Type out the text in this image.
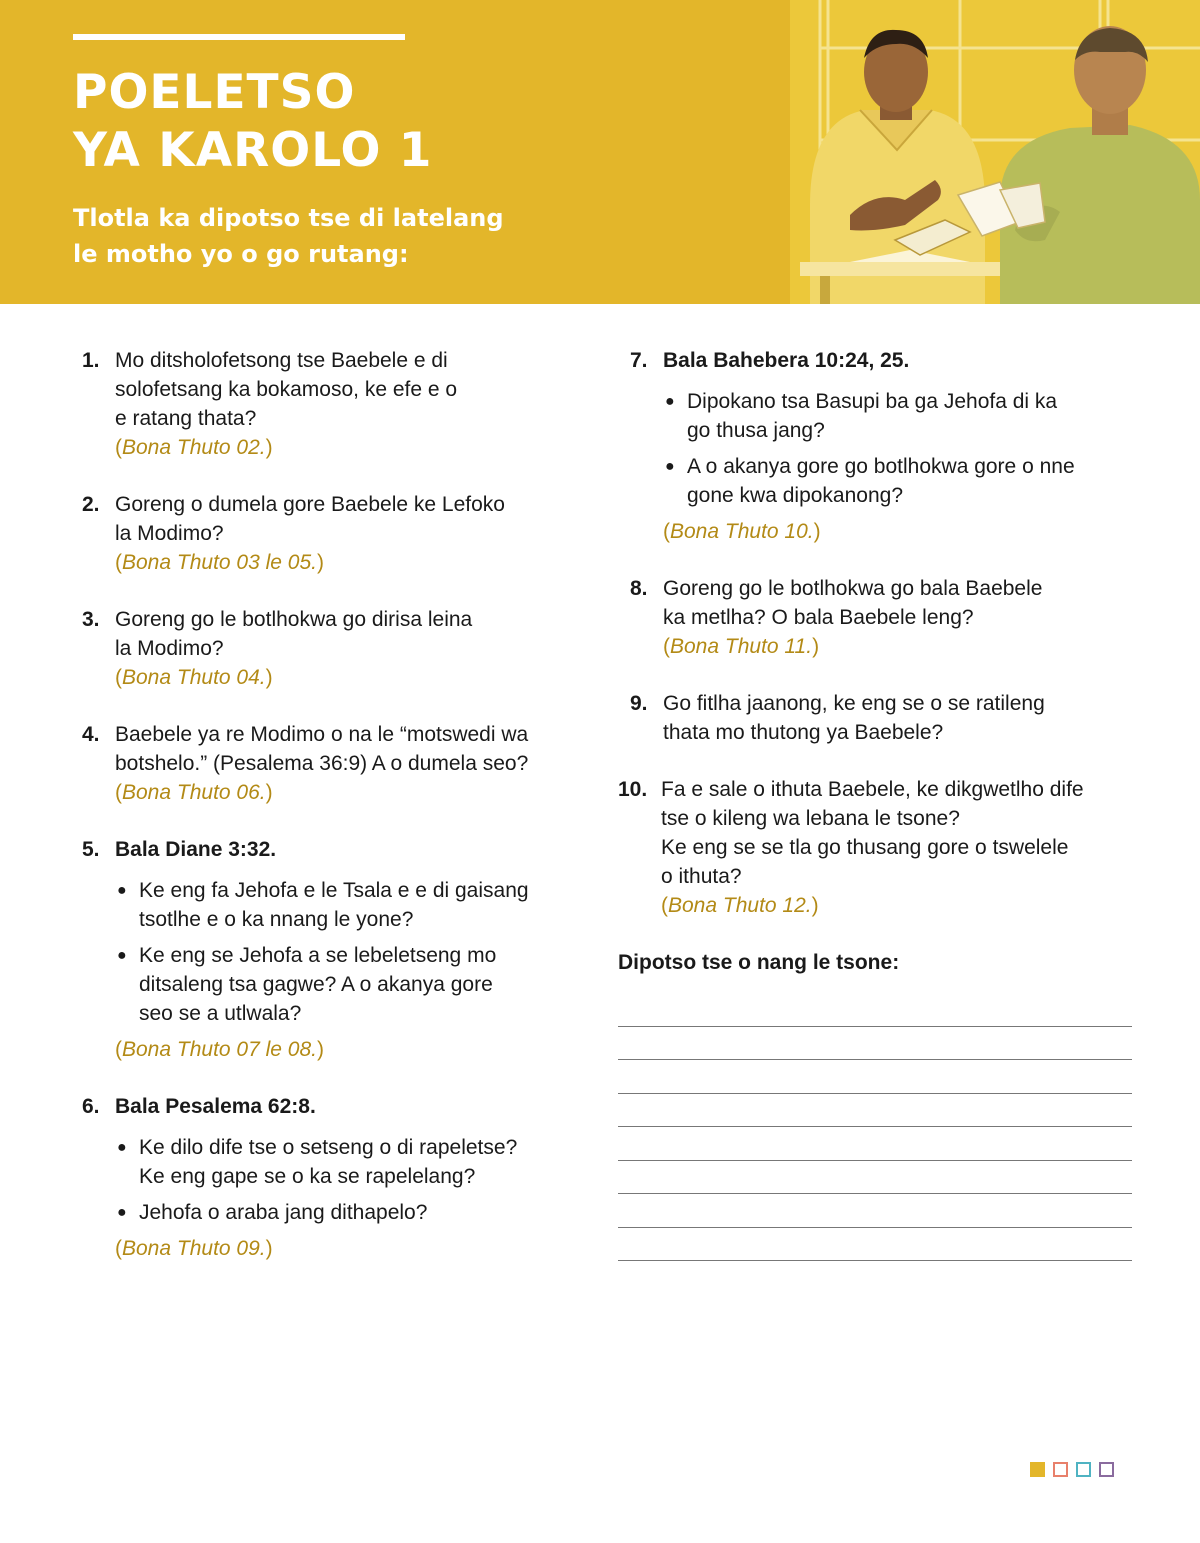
POELETSO
YA KAROLO 1

Tlotla ka dipotso tse di latelang
le motho yo o go rutang:

1. Mo ditsholofetsong tse Baebele e di
solofetsang ka bokamoso, ke efe e o
e ratang thata?
(Bona Thuto 02.)
2. Goreng o dumela gore Baebele ke Lefoko
la Modimo?
(Bona Thuto 03 le 05.)
3. Goreng go le botlhokwa go dirisa leina
la Modimo?
(Bona Thuto 04.)
4. Baebele ya re Modimo o na le “motswedi wa
botshelo.” (Pesalema 36:9) A o dumela seo?
(Bona Thuto 06.)
5. Bala Diane 3:32.
● Ke eng fa Jehofa e le Tsala e e di gaisang
tsotlhe e o ka nnang le yone?
● Ke eng se Jehofa a se lebeletseng mo
ditsaleng tsa gagwe? A o akanya gore
seo se a utlwala?
(Bona Thuto 07 le 08.)
6. Bala Pesalema 62:8.
● Ke dilo dife tse o setseng o di rapeletse?
Ke eng gape se o ka se rapelelang?
● Jehofa o araba jang dithapelo?
(Bona Thuto 09.)
7. Bala Bahebera 10:24, 25.
● Dipokano tsa Basupi ba ga Jehofa di ka
go thusa jang?
● A o akanya gore go botlhokwa gore o nne
gone kwa dipokanong?
(Bona Thuto 10.)
8. Goreng go le botlhokwa go bala Baebele
ka metlha? O bala Baebele leng?
(Bona Thuto 11.)
9. Go fitlha jaanong, ke eng se o se ratileng
thata mo thutong ya Baebele?
10. Fa e sale o ithuta Baebele, ke dikgwetlho dife
tse o kileng wa lebana le tsone?
Ke eng se se tla go thusang gore o tswelele
o ithuta?
(Bona Thuto 12.)
Dipotso tse o nang le tsone:
